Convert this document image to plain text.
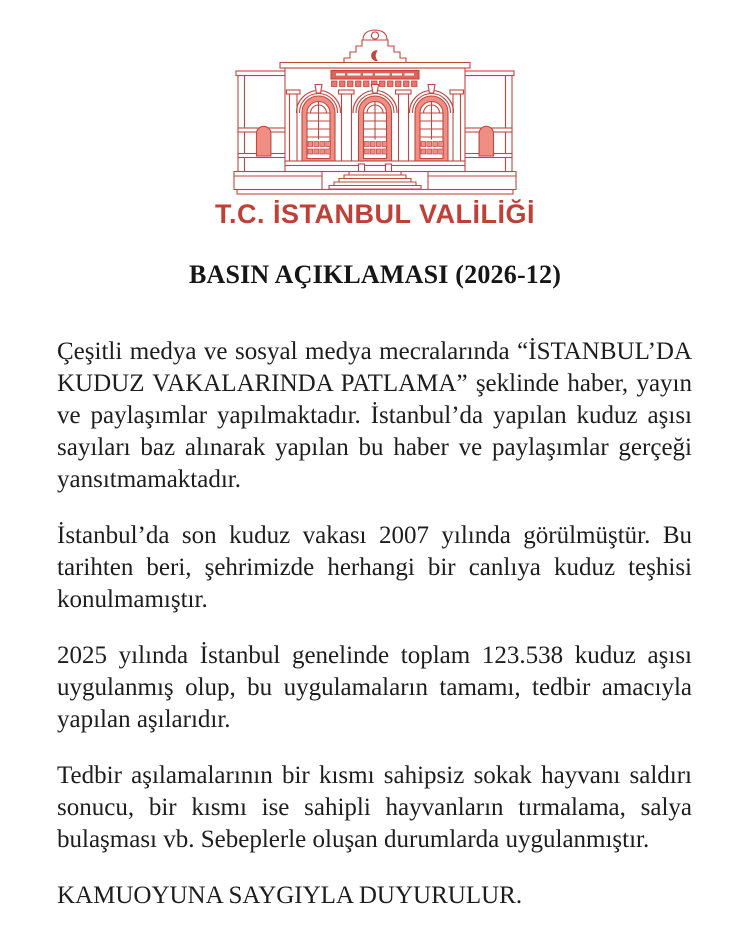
T.C. İSTANBUL VALİLİĞİ
BASIN AÇIKLAMASI (2026-12)

Çeşitli medya ve sosyal medya mecralarında “İSTANBUL’DA KUDUZ VAKALARINDA PATLAMA” şeklinde haber, yayın ve paylaşımlar yapılmaktadır. İstanbul’da yapılan kuduz aşısı sayıları baz alınarak yapılan bu haber ve paylaşımlar gerçeği yansıtmamaktadır.

İstanbul’da son kuduz vakası 2007 yılında görülmüştür. Bu tarihten beri, şehrimizde herhangi bir canlıya kuduz teşhisi konulmamıştır.

2025 yılında İstanbul genelinde toplam 123.538 kuduz aşısı uygulanmış olup, bu uygulamaların tamamı, tedbir amacıyla yapılan aşılarıdır.

Tedbir aşılamalarının bir kısmı sahipsiz sokak hayvanı saldırı sonucu, bir kısmı ise sahipli hayvanların tırmalama, salya bulaşması vb. Sebeplerle oluşan durumlarda uygulanmıştır.

KAMUOYUNA SAYGIYLA DUYURULUR.
